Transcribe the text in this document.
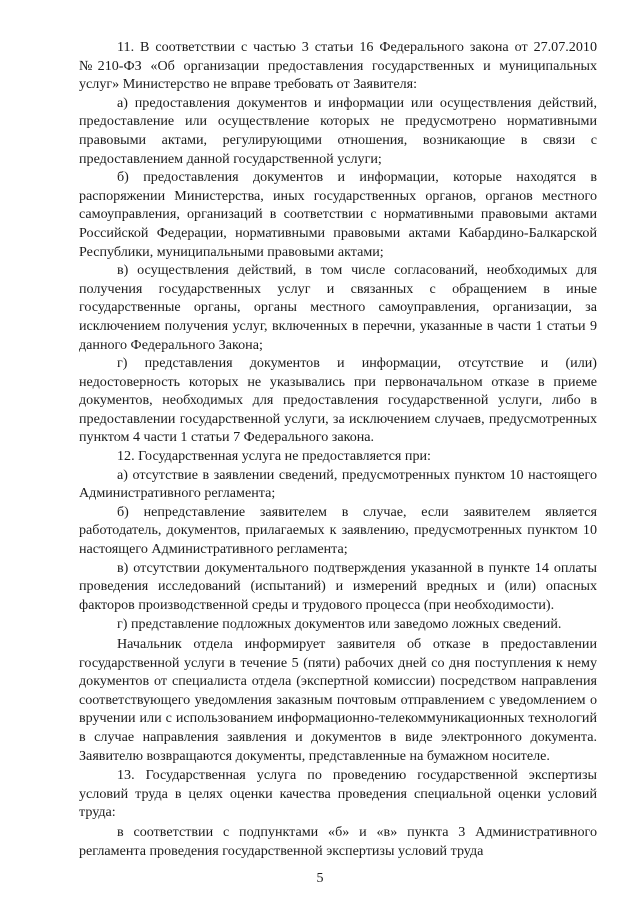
11. В соответствии с частью 3 статьи 16 Федерального закона от 27.07.2010 №210-ФЗ «Об организации предоставления государственных и муниципальных услуг» Министерство не вправе требовать от Заявителя:

а) предоставления документов и информации или осуществления действий, предоставление или осуществление которых не предусмотрено нормативными правовыми актами, регулирующими отношения, возникающие в связи с предоставлением данной государственной услуги;

б) предоставления документов и информации, которые находятся в распоряжении Министерства, иных государственных органов, органов местного самоуправления, организаций в соответствии с нормативными правовыми актами Российской Федерации, нормативными правовыми актами Кабардино-Балкарской Республики, муниципальными правовыми актами;

в) осуществления действий, в том числе согласований, необходимых для получения государственных услуг и связанных с обращением в иные государственные органы, органы местного самоуправления, организации, за исключением получения услуг, включенных в перечни, указанные в части 1 статьи 9 данного Федерального Закона;

г) представления документов и информации, отсутствие и (или) недостоверность которых не указывались при первоначальном отказе в приеме документов, необходимых для предоставления государственной услуги, либо в предоставлении государственной услуги, за исключением случаев, предусмотренных пунктом 4 части 1 статьи 7 Федерального закона.

12. Государственная услуга не предоставляется при:

а) отсутствие в заявлении сведений, предусмотренных пунктом 10 настоящего Административного регламента;

б) непредставление заявителем в случае, если заявителем является работодатель, документов, прилагаемых к заявлению, предусмотренных пунктом 10 настоящего Административного регламента;

в) отсутствии документального подтверждения указанной в пункте 14 оплаты проведения исследований (испытаний) и измерений вредных и (или) опасных факторов производственной среды и трудового процесса (при необходимости).

г) представление подложных документов или заведомо ложных сведений.

Начальник отдела информирует заявителя об отказе в предоставлении государственной услуги в течение 5 (пяти) рабочих дней со дня поступления к нему документов от специалиста отдела (экспертной комиссии) посредством направления соответствующего уведомления заказным почтовым отправлением с уведомлением о вручении или с использованием информационно-телекоммуникационных технологий в случае направления заявления и документов в виде электронного документа. Заявителю возвращаются документы, представленные на бумажном носителе.

13. Государственная услуга по проведению государственной экспертизы условий труда в целях оценки качества проведения специальной оценки условий труда:

в соответствии с подпунктами «б» и «в» пункта 3 Административного регламента проведения государственной экспертизы условий труда

5
